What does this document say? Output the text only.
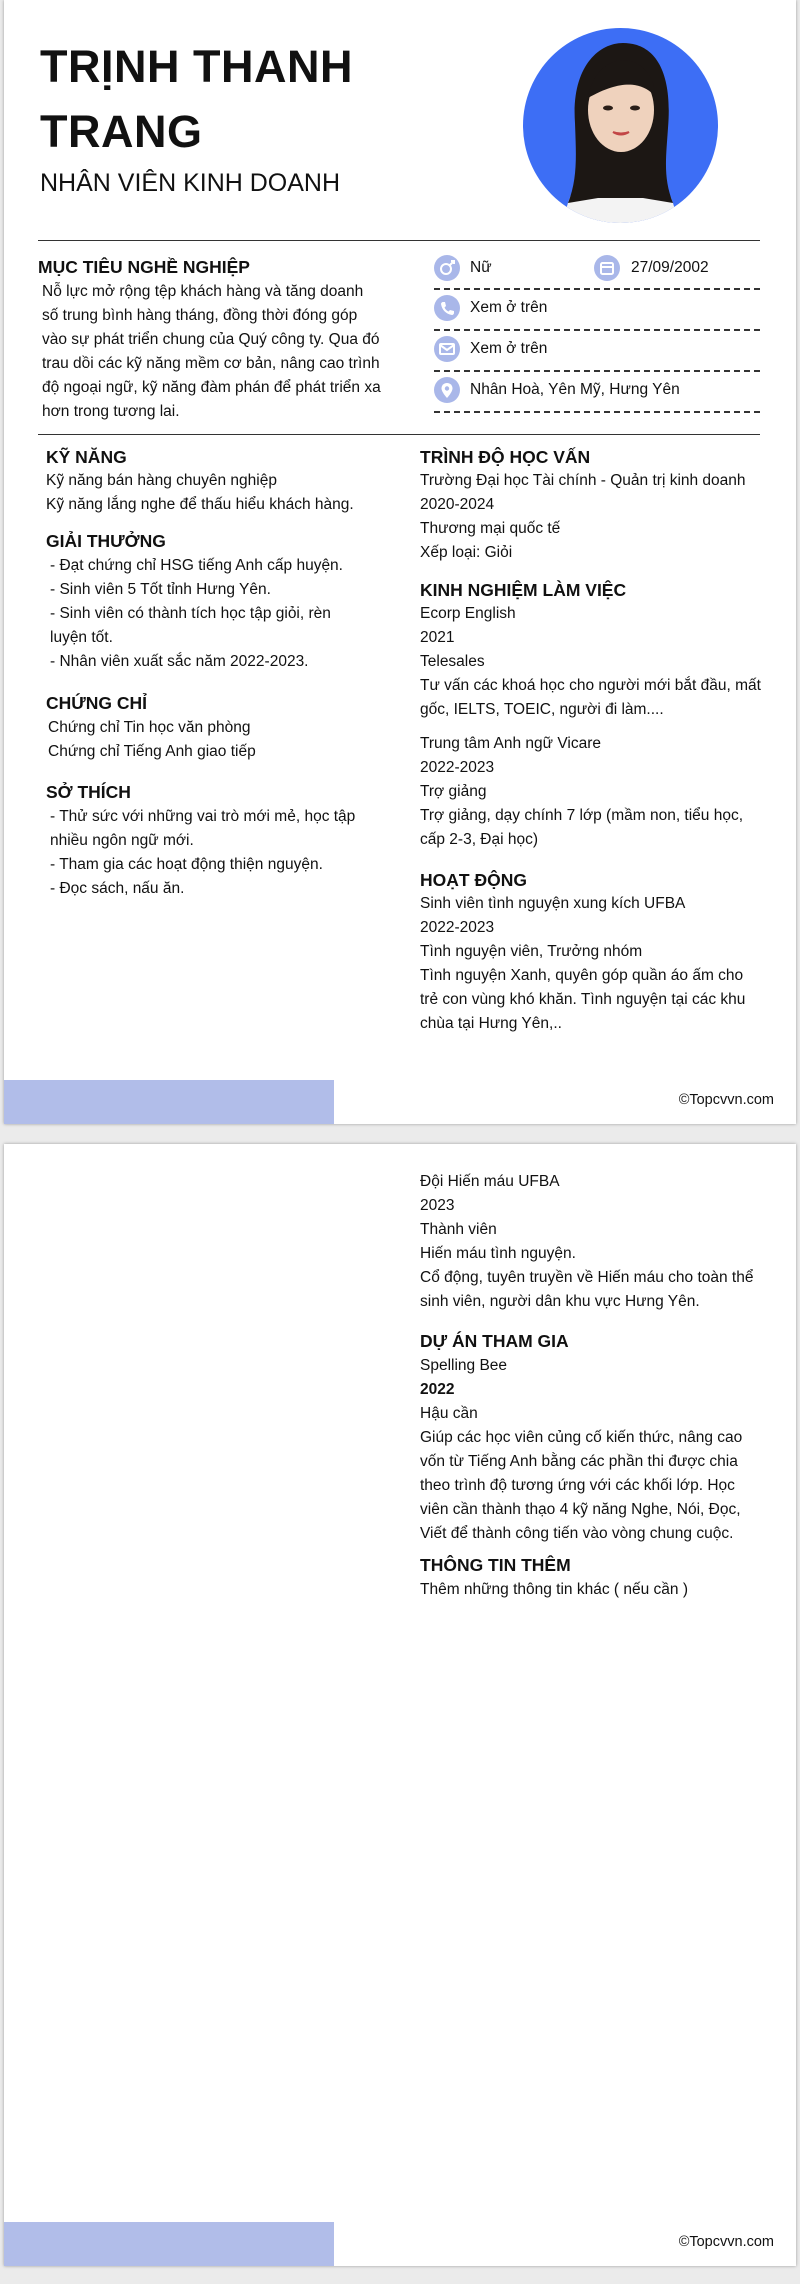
TRỊNH THANH TRANG
NHÂN VIÊN KINH DOANH
MỤC TIÊU NGHỀ NGHIỆP
Nỗ lực mở rộng tệp khách hàng và tăng doanh số trung bình hàng tháng, đồng thời đóng góp vào sự phát triển chung của Quý công ty. Qua đó trau dồi các kỹ năng mềm cơ bản, nâng cao trình độ ngoại ngữ, kỹ năng đàm phán để phát triển xa hơn trong tương lai.
Nữ	27/09/2002
Xem ở trên
Xem ở trên
Nhân Hoà, Yên Mỹ, Hưng Yên
KỸ NĂNG
Kỹ năng bán hàng chuyên nghiệp
Kỹ năng lắng nghe để thấu hiểu khách hàng.
GIẢI THƯỞNG
- Đạt chứng chỉ HSG tiếng Anh cấp huyện.
- Sinh viên 5 Tốt tỉnh Hưng Yên.
- Sinh viên có thành tích học tập giỏi, rèn luyện tốt.
- Nhân viên xuất sắc năm 2022-2023.
CHỨNG CHỈ
Chứng chỉ Tin học văn phòng
Chứng chỉ Tiếng Anh giao tiếp
SỞ THÍCH
- Thử sức với những vai trò mới mẻ, học tập nhiều ngôn ngữ mới.
- Tham gia các hoạt động thiện nguyện.
- Đọc sách, nấu ăn.
TRÌNH ĐỘ HỌC VẤN
Trường Đại học Tài chính - Quản trị kinh doanh
2020-2024
Thương mại quốc tế
Xếp loại: Giỏi
KINH NGHIỆM LÀM VIỆC
Ecorp English
2021
Telesales
Tư vấn các khoá học cho người mới bắt đầu, mất gốc, IELTS, TOEIC, người đi làm....
Trung tâm Anh ngữ Vicare
2022-2023
Trợ giảng
Trợ giảng, dạy chính 7 lớp (mầm non, tiểu học, cấp 2-3, Đại học)
HOẠT ĐỘNG
Sinh viên tình nguyện xung kích UFBA
2022-2023
Tình nguyện viên, Trưởng nhóm
Tình nguyện Xanh, quyên góp quần áo ấm cho trẻ con vùng khó khăn. Tình nguyện tại các khu chùa tại Hưng Yên,..
©Topcvvn.com
Đội Hiến máu UFBA
2023
Thành viên
Hiến máu tình nguyện.
Cổ động, tuyên truyền về Hiến máu cho toàn thể sinh viên, người dân khu vực Hưng Yên.
DỰ ÁN THAM GIA
Spelling Bee
2022
Hậu cần
Giúp các học viên củng cố kiến thức, nâng cao vốn từ Tiếng Anh bằng các phần thi được chia theo trình độ tương ứng với các khối lớp. Học viên cần thành thạo 4 kỹ năng Nghe, Nói, Đọc, Viết để thành công tiến vào vòng chung cuộc.
THÔNG TIN THÊM
Thêm những thông tin khác ( nếu cần )
©Topcvvn.com
